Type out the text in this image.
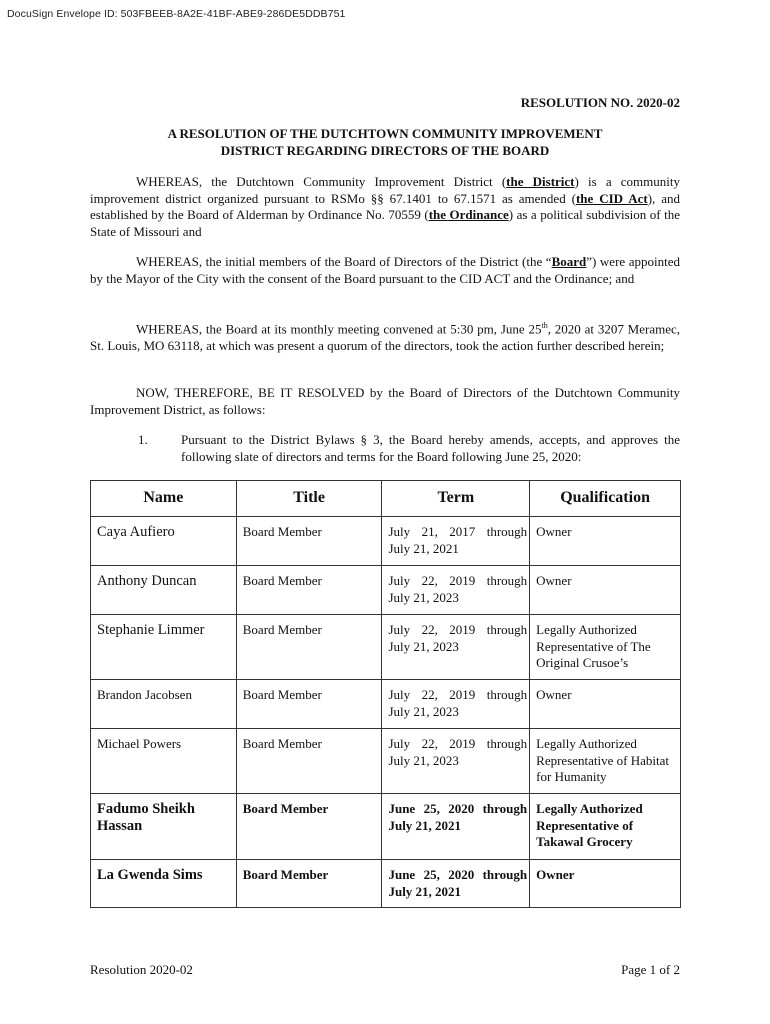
DocuSign Envelope ID: 503FBEEB-8A2E-41BF-ABE9-286DE5DDB751
RESOLUTION NO. 2020-02
A RESOLUTION OF THE DUTCHTOWN COMMUNITY IMPROVEMENT
DISTRICT REGARDING DIRECTORS OF THE BOARD

WHEREAS, the Dutchtown Community Improvement District (the District) is a community improvement district organized pursuant to RSMo §§ 67.1401 to 67.1571 as amended (the CID Act), and established by the Board of Alderman by Ordinance No. 70559 (the Ordinance) as a political subdivision of the State of Missouri and

WHEREAS, the initial members of the Board of Directors of the District (the “Board”) were appointed by the Mayor of the City with the consent of the Board pursuant to the CID ACT and the Ordinance; and

WHEREAS, the Board at its monthly meeting convened at 5:30 pm, June 25th, 2020 at 3207 Meramec, St. Louis, MO 63118, at which was present a quorum of the directors, took the action further described herein;

NOW, THEREFORE, BE IT RESOLVED by the Board of Directors of the Dutchtown Community Improvement District, as follows:

1.	Pursuant to the District Bylaws § 3, the Board hereby amends, accepts, and approves the following slate of directors and terms for the Board following June 25, 2020:
Name	Title	Term	Qualification
Caya Aufiero	Board Member	July 21, 2017 through July 21, 2021	Owner
Anthony Duncan	Board Member	July 22, 2019 through July 21, 2023	Owner
Stephanie Limmer	Board Member	July 22, 2019 through July 21, 2023	Legally Authorized Representative of The Original Crusoe’s
Brandon Jacobsen	Board Member	July 22, 2019 through July 21, 2023	Owner
Michael Powers	Board Member	July 22, 2019 through July 21, 2023	Legally Authorized Representative of Habitat for Humanity
Fadumo Sheikh Hassan	Board Member	June 25, 2020 through July 21, 2021	Legally Authorized Representative of Takawal Grocery
La Gwenda Sims	Board Member	June 25, 2020 through July 21, 2021	Owner
Resolution 2020-02	Page 1 of 2
